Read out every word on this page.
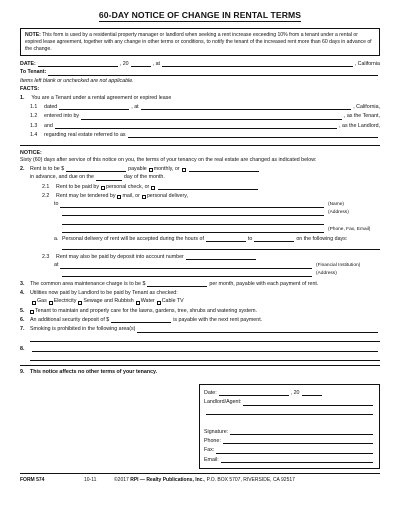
60-DAY NOTICE OF CHANGE IN RENTAL TERMS
NOTE: This form is used by a residential property manager or landlord when seeking a rent increase exceeding 10% from a tenant under a rental or expired lease agreement, together with any change in other terms or conditions, to notify the tenant of the increased rent more than 60 days in advance of the change.
DATE:	, 20	, at	, California
To Tenant:
Items left blank or unchecked are not applicable.
FACTS:
1. You are a Tenant under a rental agreement or expired lease
1.1	dated	, at	, California,
1.2	entered into by	, as the Tenant,
1.3	and	, as the Landlord,
1.4	regarding real estate referred to as
NOTICE:
Sixty (60) days after service of this notice on you, the terms of your tenancy on the real estate are changed as indicated below:
2.	Rent is to be $	payable monthly, or
in advance, and due on the	day of the month.
2.1	Rent to be paid by personal check, or
2.2	Rent may be tendered by mail, or personal delivery,
to	(Name)
(Address)
(Phone, Fax, Email)
a. Personal delivery of rent will be accepted during the hours of	to	on the following days:
2.3	Rent may also be paid by deposit into account number
at	(Financial Institution)
(Address)
3.	The common area maintenance charge is to be $	per month, payable with each payment of rent.
4.	Utilities now paid by Landlord to be paid by Tenant as checked:
Gas Electricity Sewage and Rubbish Water Cable TV
5.	Tenant to maintain and properly care for the lawns, gardens, tree, shrubs and watering system.
6.	An additional security deposit of $	is payable with the next rent payment.
7.	Smoking is prohibited in the following area(s)
8.
9.	This notice affects no other terms of your tenancy.
Date:	, 20
Landlord/Agent:
Signature:
Phone:
Fax:
Email:
FORM 574	10-11	©2017 RPI — Realty Publications, Inc., P.O. BOX 5707, RIVERSIDE, CA 92517
